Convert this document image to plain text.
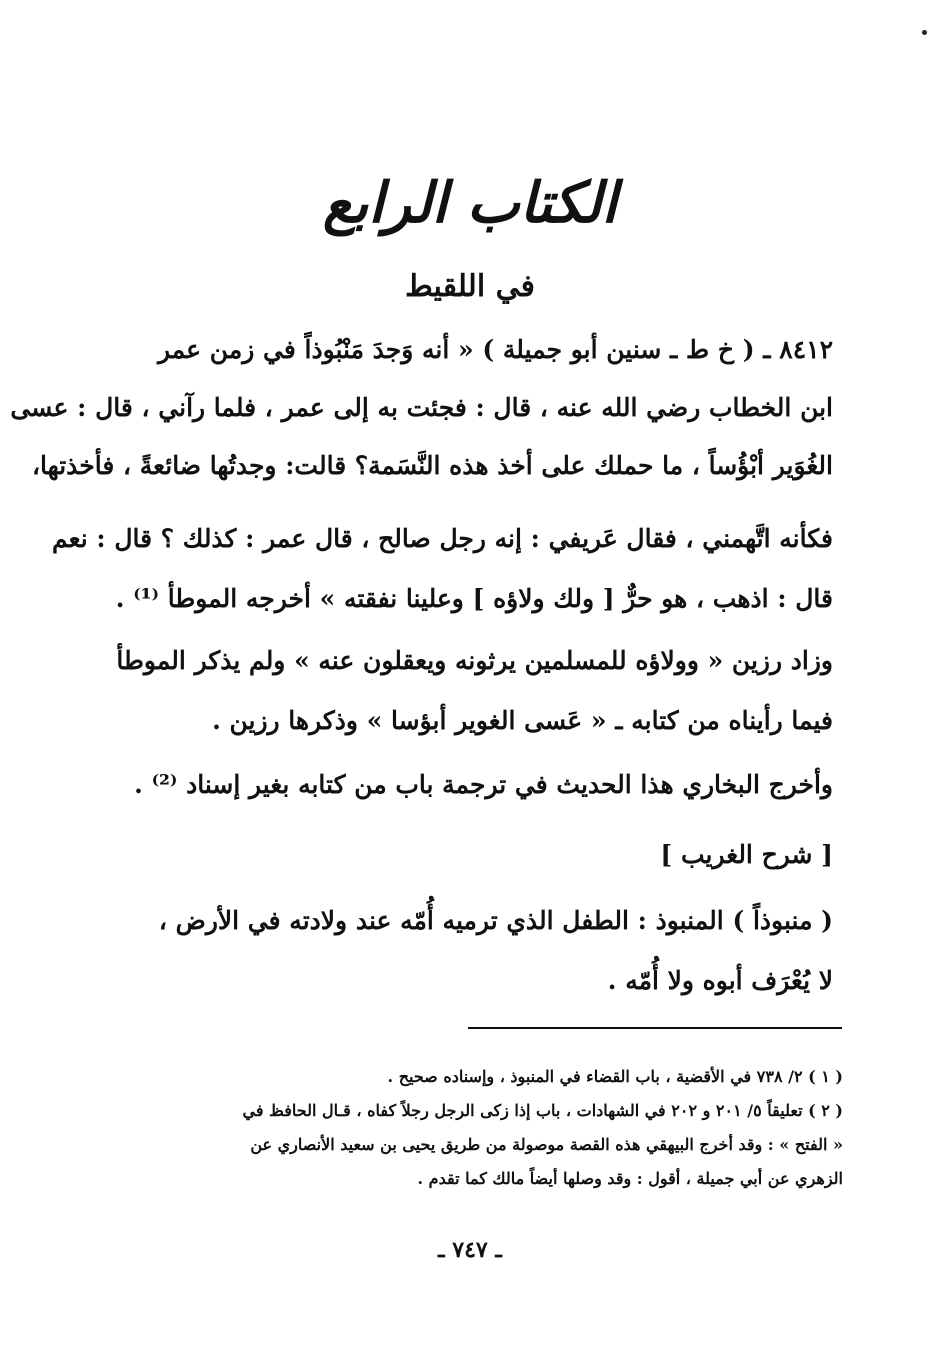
الكتاب الرابع
في اللقيط
٨٤١٢ ـ ( خ ط ـ سنين أبو جميلة ) « أنه وَجدَ مَنْبُوذاً في زمن عمر
ابن الخطاب رضي الله عنه ، قال : فجئت به إلى عمر ، فلما رآني ، قال : عسى
الغُوَير أبْؤُساً ، ما حملك على أخذ هذه النَّسَمة؟ قالت: وجدتُها ضائعةً ، فأخذتها،
فكأنه اتَّهمني ، فقال عَريفي : إنه رجل صالح ، قال عمر : كذلك ؟ قال : نعم
قال : اذهب ، هو حرٌّ [ ولك ولاؤه ] وعلينا نفقته » أخرجه الموطأ ⁽¹⁾ .
وزاد رزين « وولاؤه للمسلمين يرثونه ويعقلون عنه » ولم يذكر الموطأ
فيما رأيناه من كتابه ـ « عَسى الغوير أبؤسا » وذكرها رزين .
وأخرج البخاري هذا الحديث في ترجمة باب من كتابه بغير إسناد ⁽²⁾ .
[ شرح الغريب ]
( منبوذاً ) المنبوذ : الطفل الذي ترميه أُمّه عند ولادته في الأرض ،
لا يُعْرَف أبوه ولا أُمّه .
( ١ ) ٢/ ٧٣٨ في الأقضية ، باب القضاء في المنبوذ ، وإسناده صحيح .
( ٢ ) تعليقاً ٥/ ٢٠١ و ٢٠٢ في الشهادات ، باب إذا زكى الرجل رجلاً كفاه ، قـال الحافظ في
« الفتح » : وقد أخرج البيهقي هذه القصة موصولة من طريق يحيى بن سعيد الأنصاري عن
الزهري عن أبي جميلة ، أقول : وقد وصلها أيضاً مالك كما تقدم .
ـ ٧٤٧ ـ
